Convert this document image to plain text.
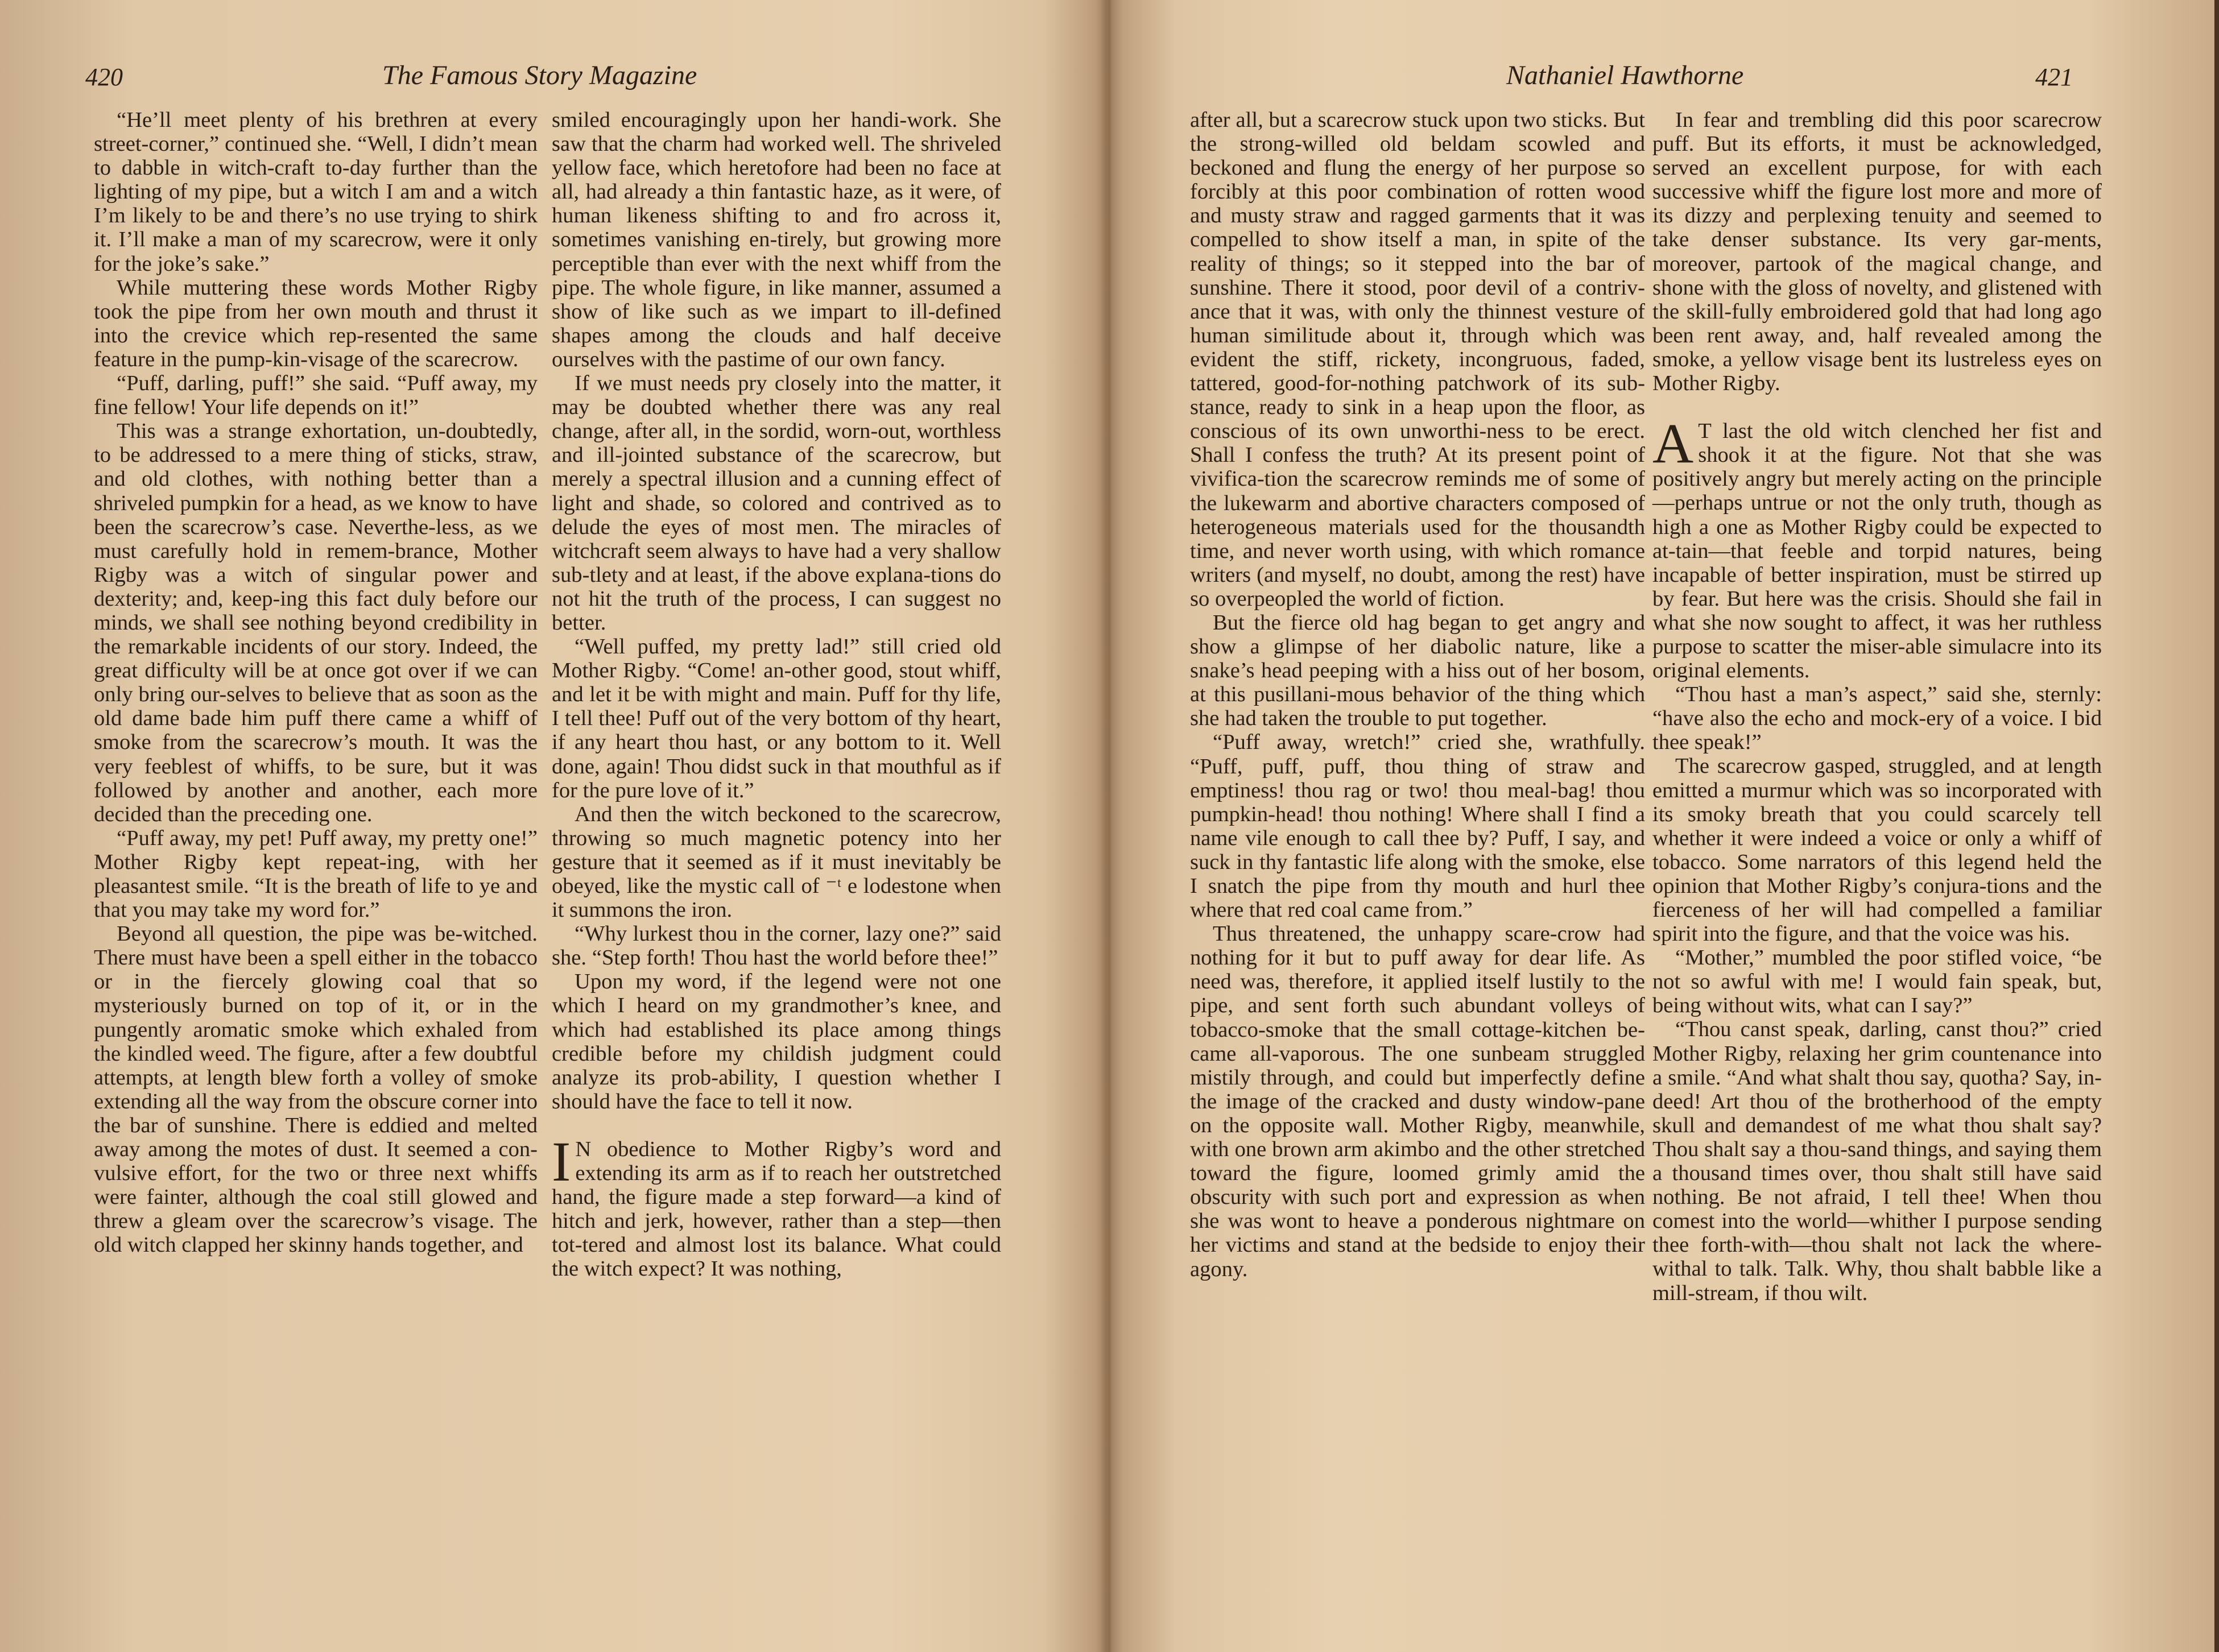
420	The Famous Story Magazine

“He’ll meet plenty of his brethren at every street-corner,” continued she. “Well, I didn’t mean to dabble in witch-craft to-day further than the lighting of my pipe, but a witch I am and a witch I’m likely to be and there’s no use trying to shirk it. I’ll make a man of my scarecrow, were it only for the joke’s sake.”

While muttering these words Mother Rigby took the pipe from her own mouth and thrust it into the crevice which rep-resented the same feature in the pump-kin-visage of the scarecrow.

“Puff, darling, puff!” she said. “Puff away, my fine fellow! Your life depends on it!”

This was a strange exhortation, un-doubtedly, to be addressed to a mere thing of sticks, straw, and old clothes, with nothing better than a shriveled pumpkin for a head, as we know to have been the scarecrow’s case. Neverthe-less, as we must carefully hold in remem-brance, Mother Rigby was a witch of singular power and dexterity; and, keep-ing this fact duly before our minds, we shall see nothing beyond credibility in the remarkable incidents of our story. Indeed, the great difficulty will be at once got over if we can only bring our-selves to believe that as soon as the old dame bade him puff there came a whiff of smoke from the scarecrow’s mouth. It was the very feeblest of whiffs, to be sure, but it was followed by another and another, each more decided than the preceding one.

“Puff away, my pet! Puff away, my pretty one!” Mother Rigby kept repeat-ing, with her pleasantest smile. “It is the breath of life to ye and that you may take my word for.”

Beyond all question, the pipe was be-witched. There must have been a spell either in the tobacco or in the fiercely glowing coal that so mysteriously burned on top of it, or in the pungently aromatic smoke which exhaled from the kindled weed. The figure, after a few doubtful attempts, at length blew forth a volley of smoke extending all the way from the obscure corner into the bar of sunshine. There is eddied and melted away among the motes of dust. It seemed a con-vulsive effort, for the two or three next whiffs were fainter, although the coal still glowed and threw a gleam over the scarecrow’s visage. The old witch clapped her skinny hands together, and

smiled encouragingly upon her handi-work. She saw that the charm had worked well. The shriveled yellow face, which heretofore had been no face at all, had already a thin fantastic haze, as it were, of human likeness shifting to and fro across it, sometimes vanishing en-tirely, but growing more perceptible than ever with the next whiff from the pipe. The whole figure, in like manner, assumed a show of like such as we impart to ill-defined shapes among the clouds and half deceive ourselves with the pastime of our own fancy.

If we must needs pry closely into the matter, it may be doubted whether there was any real change, after all, in the sordid, worn-out, worthless and ill-jointed substance of the scarecrow, but merely a spectral illusion and a cunning effect of light and shade, so colored and contrived as to delude the eyes of most men. The miracles of witchcraft seem always to have had a very shallow sub-tlety and at least, if the above explana-tions do not hit the truth of the process, I can suggest no better.

“Well puffed, my pretty lad!” still cried old Mother Rigby. “Come! an-other good, stout whiff, and let it be with might and main. Puff for thy life, I tell thee! Puff out of the very bottom of thy heart, if any heart thou hast, or any bottom to it. Well done, again! Thou didst suck in that mouthful as if for the pure love of it.”

And then the witch beckoned to the scarecrow, throwing so much magnetic potency into her gesture that it seemed as if it must inevitably be obeyed, like the mystic call of ⁻ᵗ e lodestone when it summons the iron.

“Why lurkest thou in the corner, lazy one?” said she. “Step forth! Thou hast the world before thee!”

Upon my word, if the legend were not one which I heard on my grandmother’s knee, and which had established its place among things credible before my childish judgment could analyze its prob-ability, I question whether I should have the face to tell it now.

I N obedience to Mother Rigby’s word and extending its arm as if to reach her outstretched hand, the figure made a step forward—a kind of hitch and jerk, however, rather than a step—then tot-tered and almost lost its balance. What could the witch expect? It was nothing,

Nathaniel Hawthorne	421

after all, but a scarecrow stuck upon two sticks. But the strong-willed old beldam scowled and beckoned and flung the energy of her purpose so forcibly at this poor combination of rotten wood and musty straw and ragged garments that it was compelled to show itself a man, in spite of the reality of things; so it stepped into the bar of sunshine. There it stood, poor devil of a contriv-ance that it was, with only the thinnest vesture of human similitude about it, through which was evident the stiff, rickety, incongruous, faded, tattered, good-for-nothing patchwork of its sub-stance, ready to sink in a heap upon the floor, as conscious of its own unworthi-ness to be erect. Shall I confess the truth? At its present point of vivifica-tion the scarecrow reminds me of some of the lukewarm and abortive characters composed of heterogeneous materials used for the thousandth time, and never worth using, with which romance writers (and myself, no doubt, among the rest) have so overpeopled the world of fiction.

But the fierce old hag began to get angry and show a glimpse of her diabolic nature, like a snake’s head peeping with a hiss out of her bosom, at this pusillani-mous behavior of the thing which she had taken the trouble to put together.

“Puff away, wretch!” cried she, wrathfully. “Puff, puff, puff, thou thing of straw and emptiness! thou rag or two! thou meal-bag! thou pumpkin-head! thou nothing! Where shall I find a name vile enough to call thee by? Puff, I say, and suck in thy fantastic life along with the smoke, else I snatch the pipe from thy mouth and hurl thee where that red coal came from.”

Thus threatened, the unhappy scare-crow had nothing for it but to puff away for dear life. As need was, therefore, it applied itself lustily to the pipe, and sent forth such abundant volleys of tobacco-smoke that the small cottage-kitchen be-came all-vaporous. The one sunbeam struggled mistily through, and could but imperfectly define the image of the cracked and dusty window-pane on the opposite wall. Mother Rigby, meanwhile, with one brown arm akimbo and the other stretched toward the figure, loomed grimly amid the obscurity with such port and expression as when she was wont to heave a ponderous nightmare on her victims and stand at the bedside to enjoy their agony.

In fear and trembling did this poor scarecrow puff. But its efforts, it must be acknowledged, served an excellent purpose, for with each successive whiff the figure lost more and more of its dizzy and perplexing tenuity and seemed to take denser substance. Its very gar-ments, moreover, partook of the magical change, and shone with the gloss of novelty, and glistened with the skill-fully embroidered gold that had long ago been rent away, and, half revealed among the smoke, a yellow visage bent its lustreless eyes on Mother Rigby.

A T last the old witch clenched her fist and shook it at the figure. Not that she was positively angry but merely acting on the principle—perhaps untrue or not the only truth, though as high a one as Mother Rigby could be expected to at-tain—that feeble and torpid natures, being incapable of better inspiration, must be stirred up by fear. But here was the crisis. Should she fail in what she now sought to affect, it was her ruthless purpose to scatter the miser-able simulacre into its original elements.

“Thou hast a man’s aspect,” said she, sternly: “have also the echo and mock-ery of a voice. I bid thee speak!”

The scarecrow gasped, struggled, and at length emitted a murmur which was so incorporated with its smoky breath that you could scarcely tell whether it were indeed a voice or only a whiff of tobacco. Some narrators of this legend held the opinion that Mother Rigby’s conjura-tions and the fierceness of her will had compelled a familiar spirit into the figure, and that the voice was his.

“Mother,” mumbled the poor stifled voice, “be not so awful with me! I would fain speak, but, being without wits, what can I say?”

“Thou canst speak, darling, canst thou?” cried Mother Rigby, relaxing her grim countenance into a smile. “And what shalt thou say, quotha? Say, in-deed! Art thou of the brotherhood of the empty skull and demandest of me what thou shalt say? Thou shalt say a thou-sand things, and saying them a thousand times over, thou shalt still have said nothing. Be not afraid, I tell thee! When thou comest into the world—whither I purpose sending thee forth-with—thou shalt not lack the where-withal to talk. Talk. Why, thou shalt babble like a mill-stream, if thou wilt.
